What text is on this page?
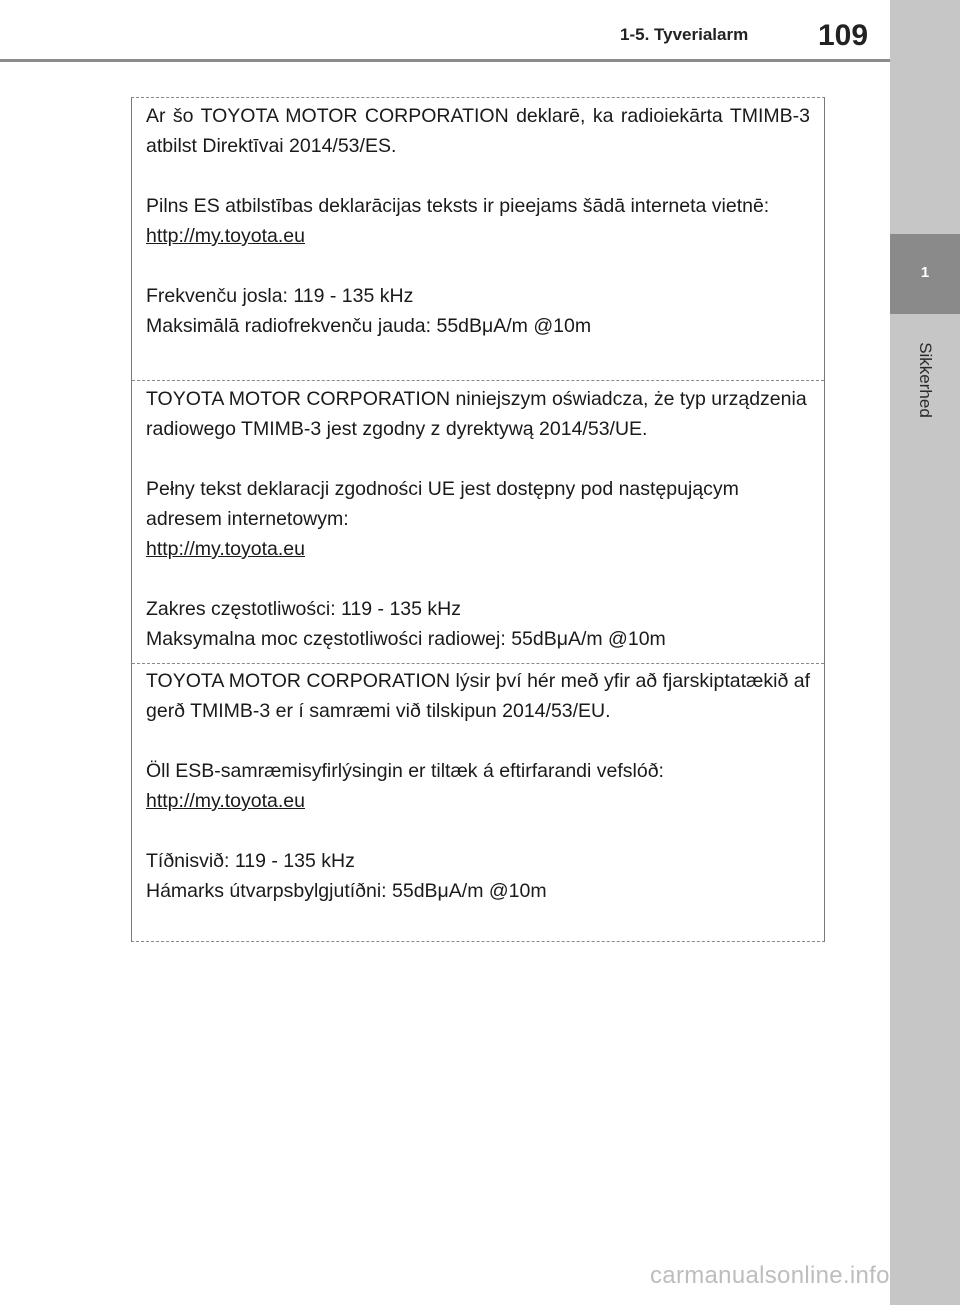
1-5. Tyverialarm	109
1
Sikkerhed

Ar šo TOYOTA MOTOR CORPORATION deklarē, ka radioiekārta TMIMB-3 atbilst Direktīvai 2014/53/ES.

Pilns ES atbilstības deklarācijas teksts ir pieejams šādā interneta vietnē:

http://my.toyota.eu

Frekvenču josla: 119 - 135 kHz

Maksimālā radiofrekvenču jauda: 55dBμA/m @10m

TOYOTA MOTOR CORPORATION niniejszym oświadcza, że typ urządzenia radiowego TMIMB-3 jest zgodny z dyrektywą 2014/53/UE.

Pełny tekst deklaracji zgodności UE jest dostępny pod następującym adresem internetowym:

http://my.toyota.eu

Zakres częstotliwości: 119 - 135 kHz

Maksymalna moc częstotliwości radiowej: 55dBμA/m @10m

TOYOTA MOTOR CORPORATION lýsir því hér með yfir að fjarskiptatækið af gerð TMIMB-3 er í samræmi við tilskipun 2014/53/EU.

Öll ESB-samræmisyfirlýsingin er tiltæk á eftirfarandi vefslóð:

http://my.toyota.eu

Tíðnisvið: 119 - 135 kHz

Hámarks útvarpsbylgjutíðni: 55dBμA/m @10m

carmanualsonline.info
